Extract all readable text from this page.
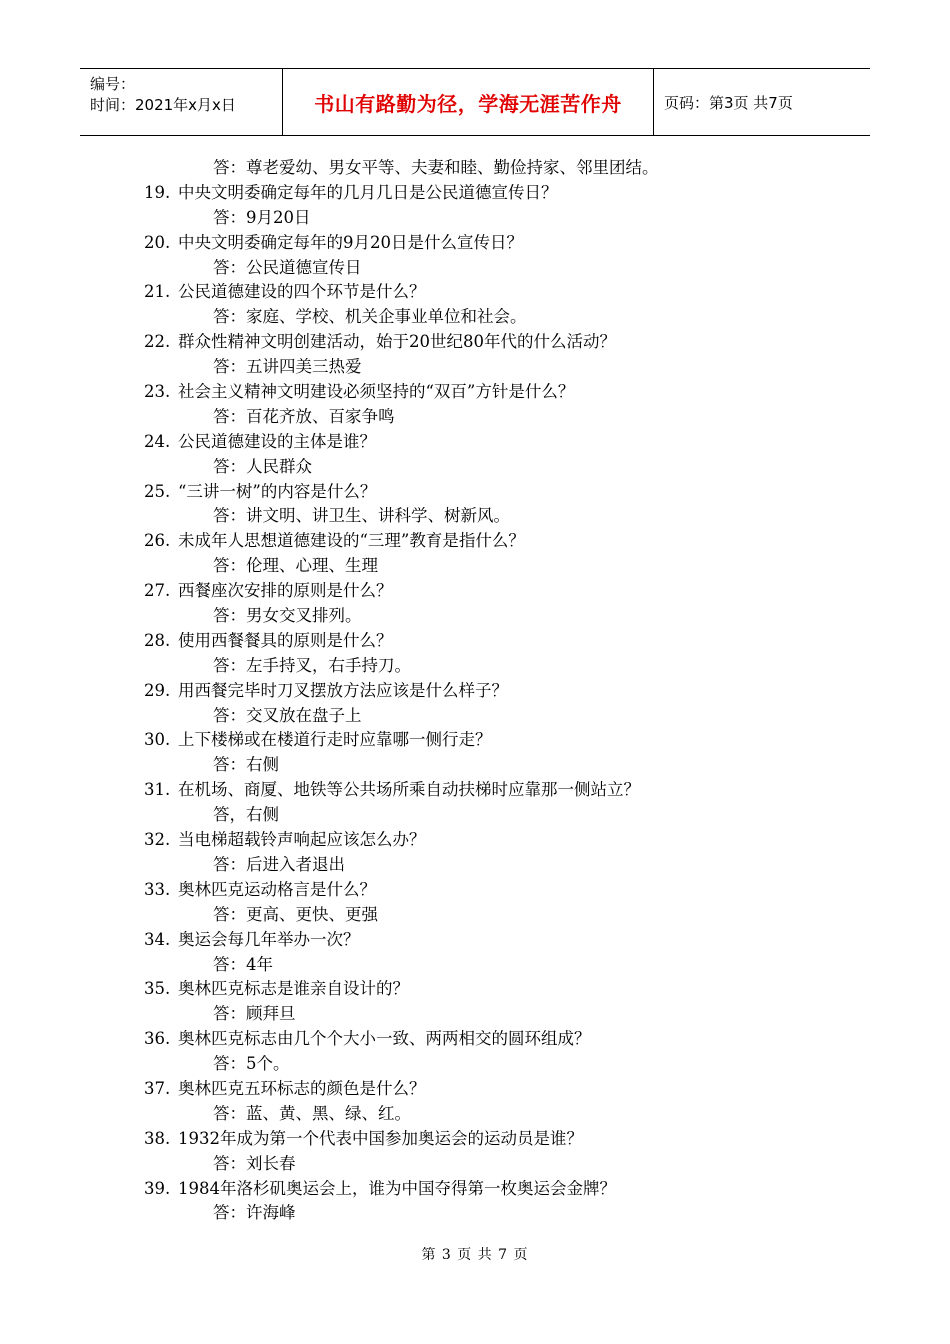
编号：
时间：2021年x月x日	书山有路勤为径，学海无涯苦作舟	页码：第3页 共7页
答：尊老爱幼、男女平等、夫妻和睦、勤俭持家、邻里团结。
19. 中央文明委确定每年的几月几日是公民道德宣传日？
答：9月20日
20. 中央文明委确定每年的9月20日是什么宣传日？
答：公民道德宣传日
21. 公民道德建设的四个环节是什么？
答：家庭、学校、机关企事业单位和社会。
22. 群众性精神文明创建活动，始于20世纪80年代的什么活动？
答：五讲四美三热爱
23. 社会主义精神文明建设必须坚持的“双百”方针是什么？
答：百花齐放、百家争鸣
24. 公民道德建设的主体是谁？
答：人民群众
25. “三讲一树”的内容是什么？
答：讲文明、讲卫生、讲科学、树新风。
26. 未成年人思想道德建设的“三理”教育是指什么？
答：伦理、心理、生理
27. 西餐座次安排的原则是什么？
答：男女交叉排列。
28. 使用西餐餐具的原则是什么？
答：左手持叉，右手持刀。
29. 用西餐完毕时刀叉摆放方法应该是什么样子？
答：交叉放在盘子上
30. 上下楼梯或在楼道行走时应靠哪一侧行走？
答：右侧
31. 在机场、商厦、地铁等公共场所乘自动扶梯时应靠那一侧站立？
答，右侧
32. 当电梯超载铃声响起应该怎么办？
答：后进入者退出
33. 奥林匹克运动格言是什么？
答：更高、更快、更强
34. 奥运会每几年举办一次？
答：4年
35. 奥林匹克标志是谁亲自设计的？
答：顾拜旦
36. 奥林匹克标志由几个个大小一致、两两相交的圆环组成？
答：5个。
37. 奥林匹克五环标志的颜色是什么？
答：蓝、黄、黑、绿、红。
38. 1932年成为第一个代表中国参加奥运会的运动员是谁？
答：刘长春
39. 1984年洛杉矶奥运会上，谁为中国夺得第一枚奥运会金牌？
答：许海峰
第 3 页 共 7 页
